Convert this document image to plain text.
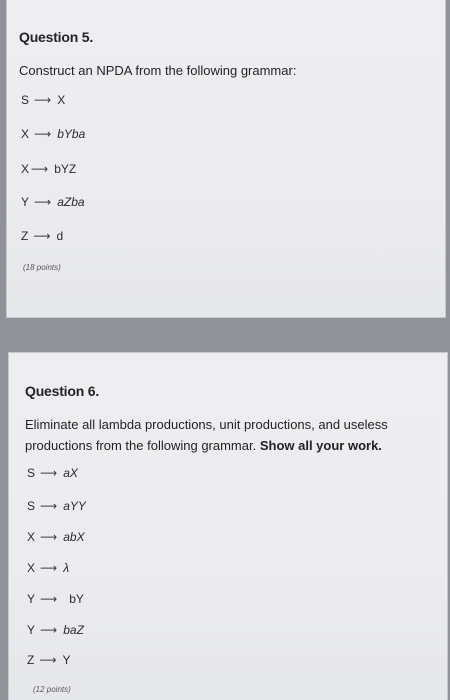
Question 5.
Construct an NPDA from the following grammar:
S ⟶ X
X ⟶ bYba
X ⟶ bYZ
Y ⟶ aZba
Z ⟶ d
(18 points)
Question 6.
Eliminate all lambda productions, unit productions, and useless productions from the following grammar. Show all your work.
S ⟶ aX
S ⟶ aYY
X ⟶ abX
X ⟶ λ
Y ⟶ bY
Y ⟶ baZ
Z ⟶ Y
(12 points)
